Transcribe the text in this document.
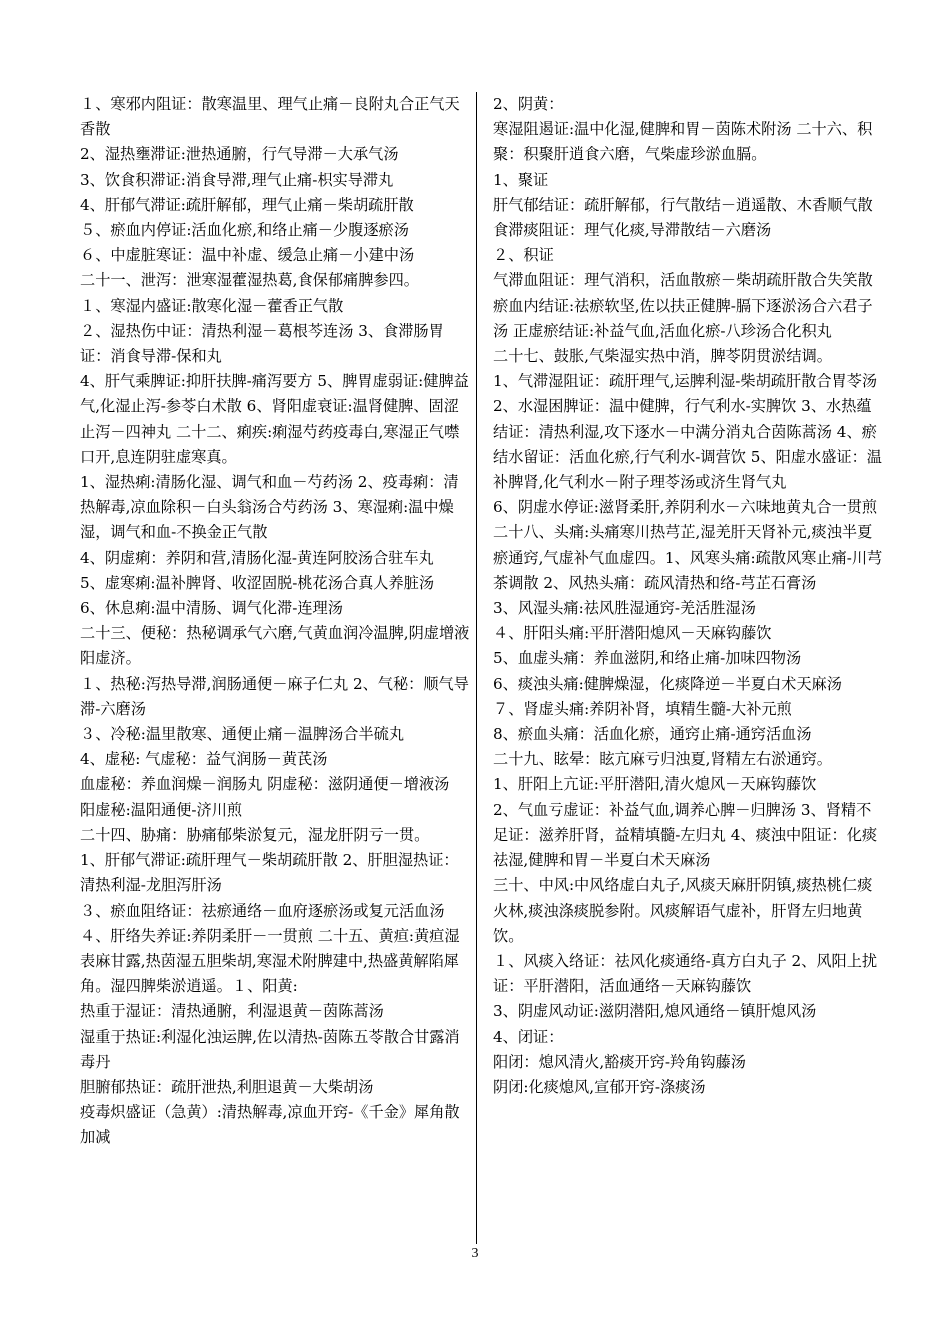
１、寒邪内阻证：散寒温里、理气止痛－良附丸合正气天香散

2、湿热壅滞证:泄热通腑，行气导滞－大承气汤

3、饮食积滞证:消食导滞,理气止痛-枳实导滞丸

4、肝郁气滞证:疏肝解郁，理气止痛－柴胡疏肝散

５、瘀血内停证:活血化瘀,和络止痛－少腹逐瘀汤

６、中虚脏寒证：温中补虚、缓急止痛－小建中汤

二十一、泄泻：泄寒湿藿湿热葛,食保郁痛脾参四。

１、寒湿内盛证:散寒化湿－藿香正气散

２、湿热伤中证：清热利湿－葛根芩连汤 3、食滞肠胃证：消食导滞-保和丸

4、肝气乘脾证:抑肝扶脾-痛泻要方 5、脾胃虚弱证:健脾益气,化湿止泻-参苓白术散 6、肾阳虚衰证:温肾健脾、固涩止泻－四神丸 二十二、痢疾:痢湿芍药疫毒白,寒湿正气噤口开,息连阴驻虚寒真。

1、湿热痢:清肠化湿、调气和血－芍药汤 2、疫毒痢：清热解毒,凉血除积－白头翁汤合芍药汤 3、寒湿痢:温中燥湿，调气和血-不换金正气散

4、阴虚痢：养阴和营,清肠化湿-黄连阿胶汤合驻车丸

5、虚寒痢:温补脾肾、收涩固脱-桃花汤合真人养脏汤

6、休息痢:温中清肠、调气化滞-连理汤

二十三、便秘：热秘调承气六磨,气黄血润冷温脾,阴虚增液阳虚济。

１、热秘:泻热导滞,润肠通便－麻子仁丸 2、气秘：顺气导滞-六磨汤

３、冷秘:温里散寒、通便止痛－温脾汤合半硫丸

4、虚秘: 气虚秘：益气润肠－黄芪汤

血虚秘：养血润燥－润肠丸 阴虚秘：滋阴通便－增液汤

阳虚秘:温阳通便-济川煎

二十四、胁痛：胁痛郁柴淤复元，湿龙肝阴亏一贯。

1、肝郁气滞证:疏肝理气－柴胡疏肝散 2、肝胆湿热证：清热利湿-龙胆泻肝汤

３、瘀血阻络证：祛瘀通络－血府逐瘀汤或复元活血汤

４、肝络失养证:养阴柔肝－一贯煎 二十五、黄疸:黄疸湿表麻甘露,热茵湿五胆柴胡,寒湿术附脾建中,热盛黄解陷犀角。湿四脾柴淤逍遥。１、阳黄:

热重于湿证：清热通腑，利湿退黄－茵陈蒿汤

湿重于热证:利湿化浊运脾,佐以清热-茵陈五苓散合甘露消毒丹

胆腑郁热证：疏肝泄热,利胆退黄－大柴胡汤

疫毒炽盛证（急黄）:清热解毒,凉血开窍-《千金》犀角散加减

2、阴黄：

寒湿阻遏证:温中化湿,健脾和胃－茵陈术附汤 二十六、积聚：积聚肝逍食六磨，气柴虚珍淤血膈。

1、聚证

肝气郁结证：疏肝解郁，行气散结－逍遥散、木香顺气散 食滞痰阻证：理气化痰,导滞散结－六磨汤

２、积证

气滞血阻证：理气消积，活血散瘀－柴胡疏肝散合失笑散

瘀血内结证:祛瘀软坚,佐以扶正健脾-膈下逐淤汤合六君子汤 正虚瘀结证:补益气血,活血化瘀-八珍汤合化积丸

二十七、鼓胀,气柴湿实热中消，脾苓阴贯淤结调。

1、气滞湿阻证：疏肝理气,运脾利湿-柴胡疏肝散合胃苓汤 2、水湿困脾证：温中健脾，行气利水-实脾饮 3、水热蕴结证：清热利湿,攻下逐水－中满分消丸合茵陈蒿汤 4、瘀结水留证：活血化瘀,行气利水-调营饮 5、阳虚水盛证：温补脾肾,化气利水－附子理苓汤或济生肾气丸

6、阴虚水停证:滋肾柔肝,养阴利水－六味地黄丸合一贯煎

二十八、头痛:头痛寒川热芎芷,湿羌肝天肾补元,痰浊半夏瘀通窍,气虚补气血虚四。1、风寒头痛:疏散风寒止痛-川芎茶调散 2、风热头痛：疏风清热和络-芎芷石膏汤

3、风湿头痛:祛风胜湿通窍-羌活胜湿汤

４、肝阳头痛:平肝潜阳熄风－天麻钩藤饮

5、血虚头痛：养血滋阴,和络止痛-加味四物汤

6、痰浊头痛:健脾燥湿，化痰降逆－半夏白术天麻汤

７、肾虚头痛:养阴补肾，填精生髓-大补元煎

8、瘀血头痛：活血化瘀，通窍止痛-通窍活血汤

二十九、眩晕：眩亢麻亏归浊夏,肾精左右淤通窍。

1、肝阳上亢证:平肝潜阳,清火熄风－天麻钩藤饮

2、气血亏虚证：补益气血,调养心脾－归脾汤 3、肾精不足证：滋养肝肾，益精填髓-左归丸 4、痰浊中阻证：化痰祛湿,健脾和胃－半夏白术天麻汤

三十、中风:中风络虚白丸子,风痰天麻肝阴镇,痰热桃仁痰火林,痰浊涤痰脱参附。风痰解语气虚补，肝肾左归地黄饮。

１、风痰入络证：祛风化痰通络-真方白丸子 2、风阳上扰证：平肝潜阳，活血通络－天麻钩藤饮

3、阴虚风动证:滋阴潜阳,熄风通络－镇肝熄风汤

4、闭证：

阳闭：熄风清火,豁痰开窍-羚角钩藤汤

阴闭:化痰熄风,宣郁开窍-涤痰汤

3
